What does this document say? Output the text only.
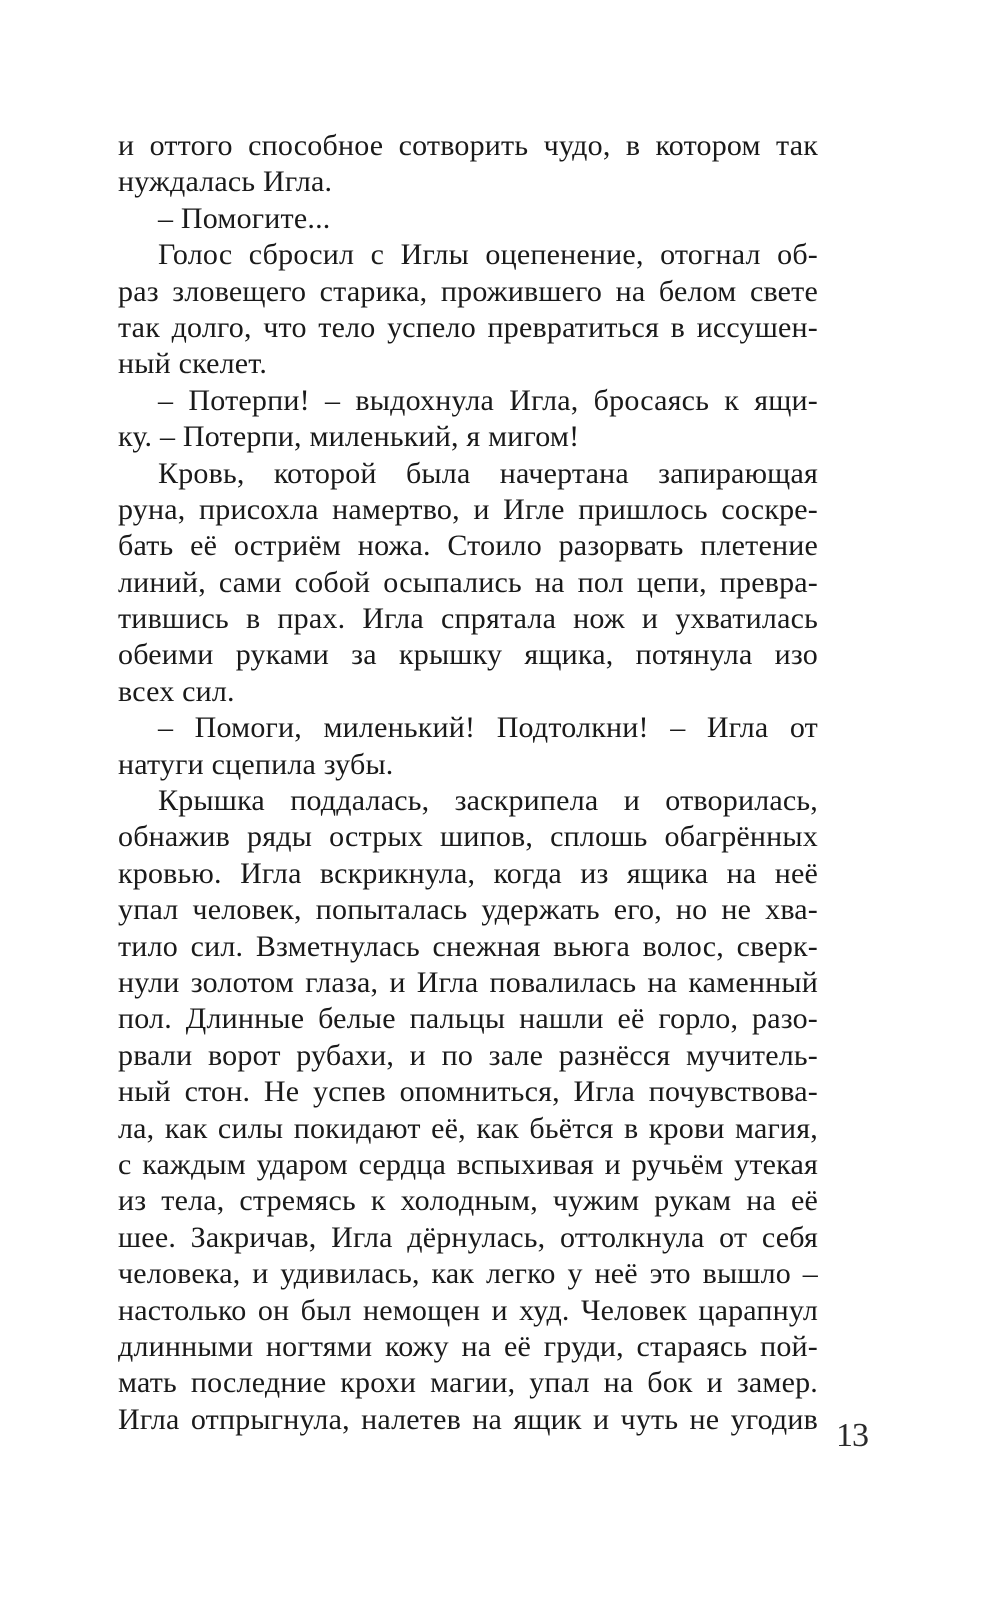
и оттого способное сотворить чудо, в котором так
нуждалась Игла.
– Помогите...
Голос сбросил с Иглы оцепенение, отогнал об-
раз зловещего старика, прожившего на белом свете
так долго, что тело успело превратиться в иссушен-
ный скелет.
– Потерпи! – выдохнула Игла, бросаясь к ящи-
ку. – Потерпи, миленький, я мигом!
Кровь, которой была начертана запирающая
руна, присохла намертво, и Игле пришлось соскре-
бать её остриём ножа. Стоило разорвать плетение
линий, сами собой осыпались на пол цепи, превра-
тившись в прах. Игла спрятала нож и ухватилась
обеими руками за крышку ящика, потянула изо
всех сил.
– Помоги, миленький! Подтолкни! – Игла от
натуги сцепила зубы.
Крышка поддалась, заскрипела и отворилась,
обнажив ряды острых шипов, сплошь обагрённых
кровью. Игла вскрикнула, когда из ящика на неё
упал человек, попыталась удержать его, но не хва-
тило сил. Взметнулась снежная вьюга волос, сверк-
нули золотом глаза, и Игла повалилась на каменный
пол. Длинные белые пальцы нашли её горло, разо-
рвали ворот рубахи, и по зале разнёсся мучитель-
ный стон. Не успев опомниться, Игла почувствова-
ла, как силы покидают её, как бьётся в крови магия,
с каждым ударом сердца вспыхивая и ручьём утекая
из тела, стремясь к холодным, чужим рукам на её
шее. Закричав, Игла дёрнулась, оттолкнула от себя
человека, и удивилась, как легко у неё это вышло –
настолько он был немощен и худ. Человек царапнул
длинными ногтями кожу на её груди, стараясь пой-
мать последние крохи магии, упал на бок и замер.
Игла отпрыгнула, налетев на ящик и чуть не угодив 13
